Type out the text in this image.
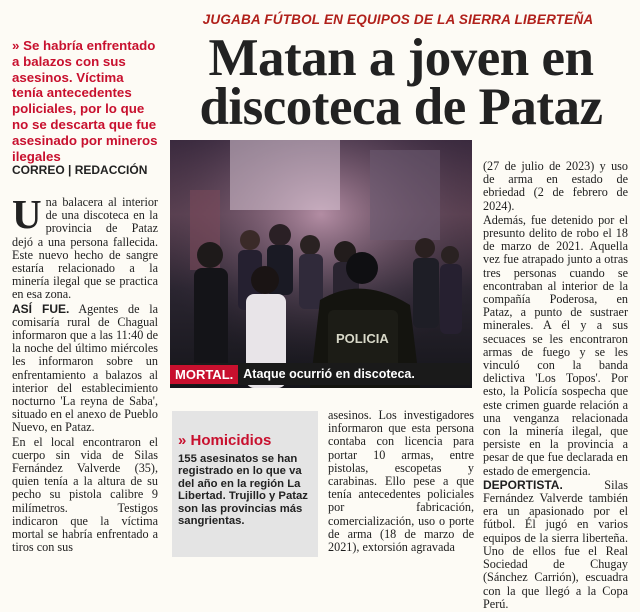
JUGABA FÚTBOL EN EQUIPOS DE LA SIERRA LIBERTEÑA
Matan a joven en
discoteca de Pataz
» Se habría enfrentado a balazos con sus asesinos. Víctima tenía antecedentes policiales, por lo que no se descarta que fue asesinado por mineros ilegales
CORREO | REDACCIÓN

Una balacera al interior de una discoteca en la provincia de Pataz dejó a una persona fallecida. Este nuevo hecho de sangre estaría relacionado a la minería ilegal que se practica en esa zona.

ASÍ FUE. Agentes de la comisaría rural de Chagual informaron que a las 11:40 de la noche del último miércoles les informaron sobre un enfrentamiento a balazos al interior del establecimiento nocturno 'La reyna de Saba', situado en el anexo de Pueblo Nuevo, en Pataz.

En el local encontraron el cuerpo sin vida de Silas Fernández Valverde (35), quien tenía a la altura de su pecho su pistola calibre 9 milímetros. Testigos indicaron que la víctima mortal se habría enfrentado a tiros con sus

POLICIA
MORTAL. Ataque ocurrió en discoteca.
» Homicidios
155 asesinatos se han registrado en lo que va del año en la región La Libertad. Trujillo y Pataz son las provincias más sangrientas.

asesinos. Los investigadores informaron que esta persona contaba con licencia para portar 10 armas, entre pistolas, escopetas y carabinas. Ello pese a que tenía antecedentes policiales por fabricación, comercialización, uso o porte de arma (18 de marzo de 2021), extorsión agravada

(27 de julio de 2023) y uso de arma en estado de ebriedad (2 de febrero de 2024).

Además, fue detenido por el presunto delito de robo el 18 de marzo de 2021. Aquella vez fue atrapado junto a otras tres personas cuando se encontraban al interior de la compañía Poderosa, en Pataz, a punto de sustraer minerales. A él y a sus secuaces se les encontraron armas de fuego y se les vinculó con la banda delictiva 'Los Topos'. Por esto, la Policía sospecha que este crimen guarde relación a una venganza relacionada con la minería ilegal, que persiste en la provincia a pesar de que fue declarada en estado de emergencia.

DEPORTISTA. Silas Fernández Valverde también era un apasionado por el fútbol. Él jugó en varios equipos de la sierra liberteña. Uno de ellos fue el Real Sociedad de Chugay (Sánchez Carrión), escuadra con la que llegó a la Copa Perú.
